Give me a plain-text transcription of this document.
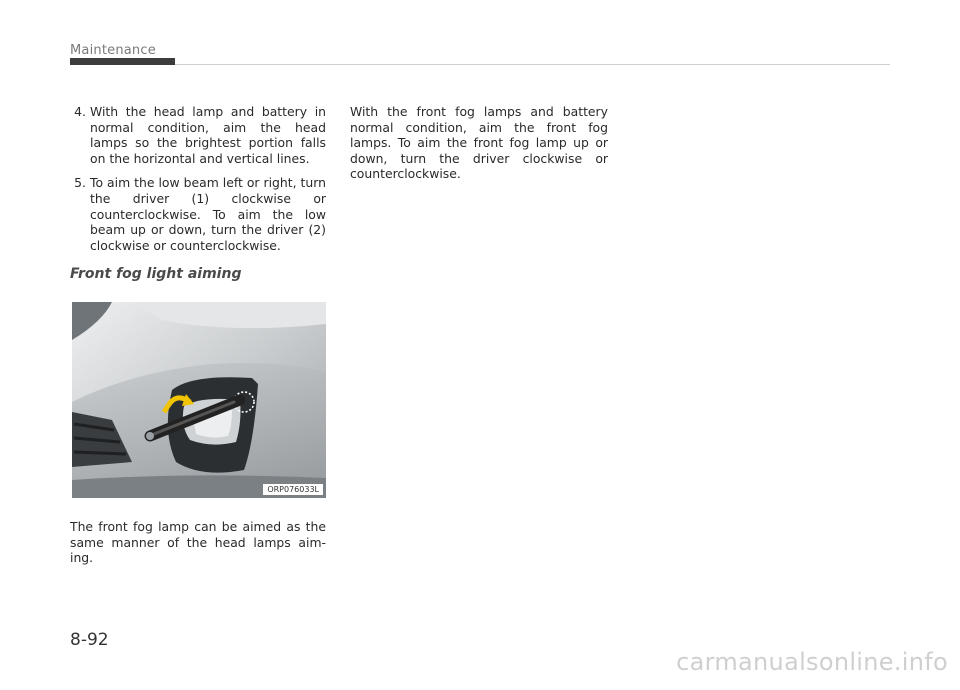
Maintenance
4. With the head lamp and battery in normal condition, aim the head lamps so the brightest portion falls on the horizontal and vertical lines.
5. To aim the low beam left or right, turn the driver (1) clockwise or counterclockwise. To aim the low beam up or down, turn the driver (2) clockwise or counterclockwise.
Front fog light aiming
ORP076033L

The front fog lamp can be aimed as the same manner of the head lamps aim-ing.

With the front fog lamps and battery normal condition, aim the front fog lamps. To aim the front fog lamp up or down, turn the driver clockwise or counterclockwise.

8-92
carmanualsonline.info
